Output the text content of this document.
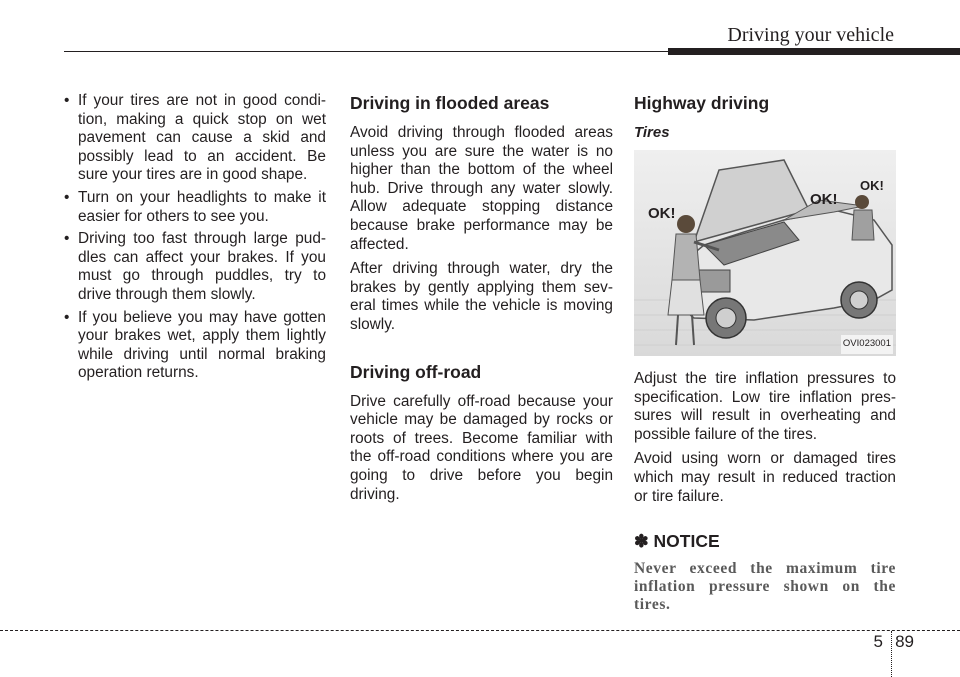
Driving your vehicle
• If your tires are not in good condi- tion, making a quick stop on wet pavement can cause a skid and possibly lead to an accident. Be sure your tires are in good shape.
• Turn on your headlights to make it easier for others to see you.
• Driving too fast through large pud- dles can affect your brakes. If you must go through puddles, try to drive through them slowly.
• If you believe you may have gotten your brakes wet, apply them lightly while driving until normal braking operation returns.
Driving in flooded areas

Avoid driving through flooded areas unless you are sure the water is no higher than the bottom of the wheel hub. Drive through any water slowly. Allow adequate stopping distance because brake performance may be affected.

After driving through water, dry the brakes by gently applying them sev- eral times while the vehicle is moving slowly.

Driving off-road

Drive carefully off-road because your vehicle may be damaged by rocks or roots of trees. Become familiar with the off-road conditions where you are going to drive before you begin driving.

Highway driving
Tires
OK!
OK!
OK!
OVI023001

Adjust the tire inflation pressures to specification. Low tire inflation pres- sures will result in overheating and possible failure of the tires.

Avoid using worn or damaged tires which may result in reduced traction or tire failure.

✽ NOTICE

Never exceed the maximum tire inflation pressure shown on the tires.

5 89
